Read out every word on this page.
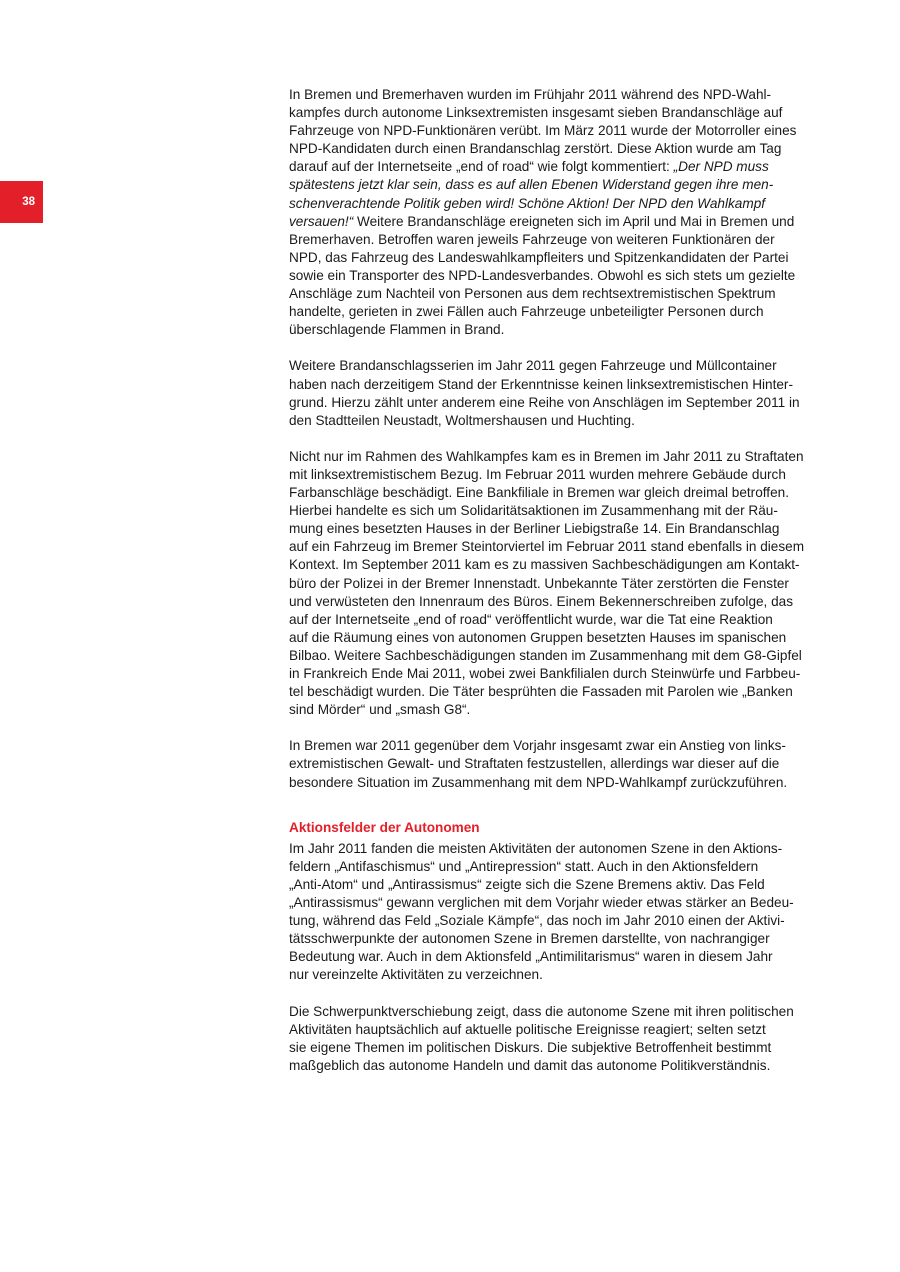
38

In Bremen und Bremerhaven wurden im Frühjahr 2011 während des NPD-Wahl-
kampfes durch autonome Linksextremisten insgesamt sieben Brandanschläge auf
Fahrzeuge von NPD-Funktionären verübt. Im März 2011 wurde der Motorroller eines
NPD-Kandidaten durch einen Brandanschlag zerstört. Diese Aktion wurde am Tag
darauf auf der Internetseite „end of road“ wie folgt kommentiert: „Der NPD muss
spätestens jetzt klar sein, dass es auf allen Ebenen Widerstand gegen ihre men-
schenverachtende Politik geben wird! Schöne Aktion! Der NPD den Wahlkampf
versauen!“ Weitere Brandanschläge ereigneten sich im April und Mai in Bremen und
Bremerhaven. Betroffen waren jeweils Fahrzeuge von weiteren Funktionären der
NPD, das Fahrzeug des Landeswahlkampfleiters und Spitzenkandidaten der Partei
sowie ein Transporter des NPD-Landesverbandes. Obwohl es sich stets um gezielte
Anschläge zum Nachteil von Personen aus dem rechtsextremistischen Spektrum
handelte, gerieten in zwei Fällen auch Fahrzeuge unbeteiligter Personen durch
überschlagende Flammen in Brand.

Weitere Brandanschlagsserien im Jahr 2011 gegen Fahrzeuge und Müllcontainer
haben nach derzeitigem Stand der Erkenntnisse keinen linksextremistischen Hinter-
grund. Hierzu zählt unter anderem eine Reihe von Anschlägen im September 2011 in
den Stadtteilen Neustadt, Woltmershausen und Huchting.

Nicht nur im Rahmen des Wahlkampfes kam es in Bremen im Jahr 2011 zu Straftaten
mit linksextremistischem Bezug. Im Februar 2011 wurden mehrere Gebäude durch
Farbanschläge beschädigt. Eine Bankfiliale in Bremen war gleich dreimal betroffen.
Hierbei handelte es sich um Solidaritätsaktionen im Zusammenhang mit der Räu-
mung eines besetzten Hauses in der Berliner Liebigstraße 14. Ein Brandanschlag
auf ein Fahrzeug im Bremer Steintorviertel im Februar 2011 stand ebenfalls in diesem
Kontext. Im September 2011 kam es zu massiven Sachbeschädigungen am Kontakt-
büro der Polizei in der Bremer Innenstadt. Unbekannte Täter zerstörten die Fenster
und verwüsteten den Innenraum des Büros. Einem Bekennerschreiben zufolge, das
auf der Internetseite „end of road“ veröffentlicht wurde, war die Tat eine Reaktion
auf die Räumung eines von autonomen Gruppen besetzten Hauses im spanischen
Bilbao. Weitere Sachbeschädigungen standen im Zusammenhang mit dem G8-Gipfel
in Frankreich Ende Mai 2011, wobei zwei Bankfilialen durch Steinwürfe und Farbbeu-
tel beschädigt wurden. Die Täter besprühten die Fassaden mit Parolen wie „Banken
sind Mörder“ und „smash G8“.

In Bremen war 2011 gegenüber dem Vorjahr insgesamt zwar ein Anstieg von links-
extremistischen Gewalt- und Straftaten festzustellen, allerdings war dieser auf die
besondere Situation im Zusammenhang mit dem NPD-Wahlkampf zurückzuführen.

Aktionsfelder der Autonomen

Im Jahr 2011 fanden die meisten Aktivitäten der autonomen Szene in den Aktions-
feldern „Antifaschismus“ und „Antirepression“ statt. Auch in den Aktionsfeldern
„Anti-Atom“ und „Antirassismus“ zeigte sich die Szene Bremens aktiv. Das Feld
„Antirassismus“ gewann verglichen mit dem Vorjahr wieder etwas stärker an Bedeu-
tung, während das Feld „Soziale Kämpfe“, das noch im Jahr 2010 einen der Aktivi-
tätsschwerpunkte der autonomen Szene in Bremen darstellte, von nachrangiger
Bedeutung war. Auch in dem Aktionsfeld „Antimilitarismus“ waren in diesem Jahr
nur vereinzelte Aktivitäten zu verzeichnen.

Die Schwerpunktverschiebung zeigt, dass die autonome Szene mit ihren politischen
Aktivitäten hauptsächlich auf aktuelle politische Ereignisse reagiert; selten setzt
sie eigene Themen im politischen Diskurs. Die subjektive Betroffenheit bestimmt
maßgeblich das autonome Handeln und damit das autonome Politikverständnis.
